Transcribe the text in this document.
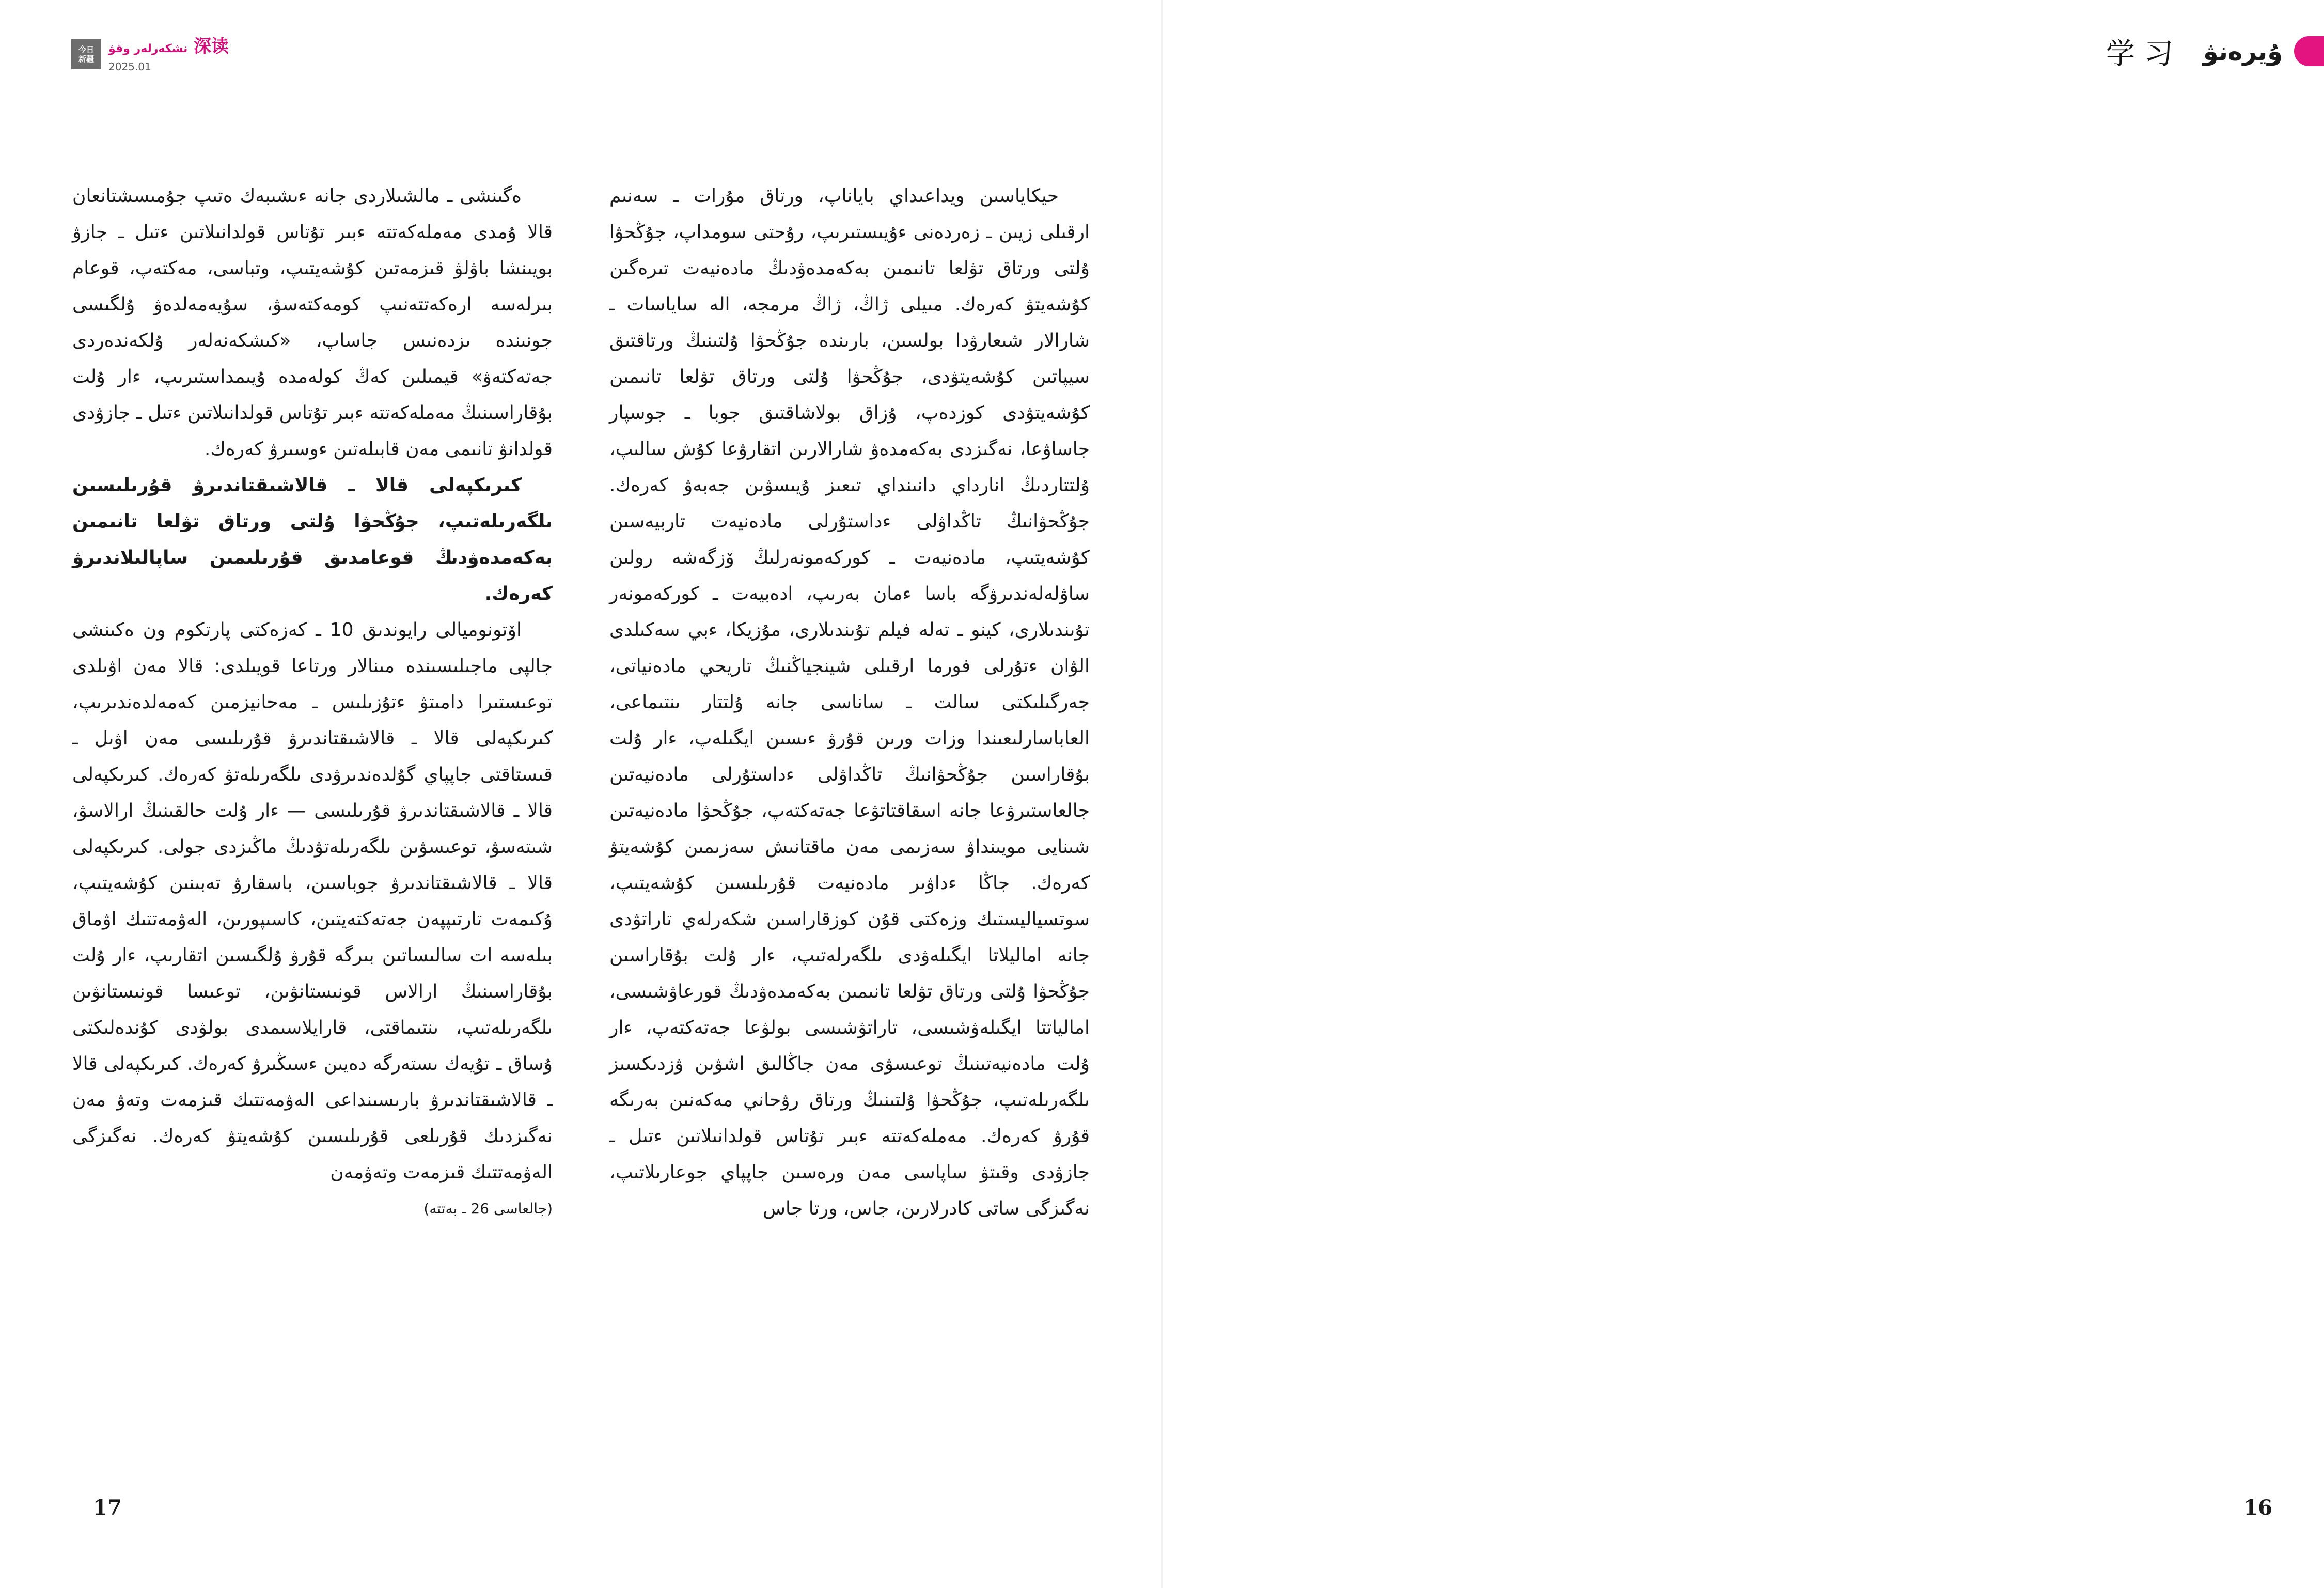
今日
新疆
深读 نشكەرلەر وقۋ
2025.01

حيكاياسىن ويداعىداي باياناپ، ورتاق مۇرات ـ سەنىم ارقىلى زيىن ـ زەردەنى ءۇيىستىرىپ، رۇحتى سومداپ، جۇڭحۋا ۇلتى ورتاق تۋلعا تانىمىن بەكەمدەۋدىڭ مادەنيەت تىرەگىن كۇشەيتۋ كەرەك. مىيلى ژاڭ، ژاڭ مرمجە، الە ساياسات ـ شارالار شىعارۋدا بولسىن، بارىندە جۇڭحۋا ۇلتىنىڭ ورتاقتىق سيپاتىن كۇشەيتۋدى، جۇڭحۋا ۇلتى ورتاق تۋلعا تانىمىن كۇشەيتۋدى كوزدەپ، ۇزاق بولاشاقتىق جوبا ـ جوسپار جاساۋعا، نەگىزدى بەكەمدەۋ شارالارىن اتقارۋعا كۇش سالىپ، ۇلتتاردىڭ انارداي دانىنداي تىعىز ۇيىسۋىن جەبەۋ كەرەك. جۇڭحۋانىڭ تاڭداۋلى ءداستۇرلى مادەنيەت تاربيەسىن كۇشەيتىپ، مادەنيەت ـ كوركەمونەرلىڭ ۆزگەشە رولىن ساۋلەلەندىرۋگە باسا ءمان بەرىپ، ادەبيەت ـ كوركەمونەر تۇىندىلارى، كينو ـ تەلە فيلم تۇىندىلارى، مۇزيكا، ءبي سەكىلدى الۋان ءتۇرلى فورما ارقىلى شينجياڭنىڭ تاريحي مادەنياتى، جەرگىلىكتى سالت ـ ساناسى جانە ۇلتتار ىنتىماعى، العاباسارلىعىندا وزات ورىن قۇرۋ ءىسىن ايگىلەپ، ءار ۇلت بۇقاراسىن جۇڭحۋانىڭ تاڭداۋلى ءداستۇرلى مادەنيەتىن جالعاستىرۋعا جانە اسقاقتاتۋعا جەتەكتەپ، جۇڭحۋا مادەنيەتىن شىنايى مويىنداۋ سەزىمى مەن ماقتانىش سەزىمىن كۇشەيتۋ كەرەك. جاڭا ءداۋىر مادەنيەت قۇرىلىسىن كۇشەيتىپ، سوتسياليستىك وزەكتى قۇن كوزقاراسىن شكەرلەي تاراتۋدى جانە اماليلاتا ايگىلەۋدى ىلگەرلەتىپ، ءار ۇلت بۇقاراسىن جۇڭحۋا ۇلتى ورتاق تۋلعا تانىمىن بەكەمدەۋدىڭ قورعاۋشىسى، امالياتتا ايگىلەۋشىسى، تاراتۋشىسى بولۋعا جەتەكتەپ، ءار ۇلت مادەنيەتىنىڭ توعىسۋى مەن جاڭالىق اشۋىن ۋزدىكسىز ىلگەرىلەتىپ، جۇڭحۋا ۇلتىنىڭ ورتاق رۋحاني مەكەنىن بەرىگە قۇرۋ كەرەك. مەملەكەتتە ءبىر تۇتاس قولدانىلاتىن ءتىل ـ جازۋدى وقىتۋ ساپاسى مەن ورەسىن جاپپاي جوعارىلاتىپ، نەگىزگى ساتى كادرلارىن، جاس، ورتا جاس

ەگىنشى ـ مالشىلاردى جانە ءىشىبەك ەتىپ جۇمىسشتانعان قالا ۇمدى مەملەكەتتە ءبىر تۇتاس قولدانىلاتىن ءتىل ـ جازۋ بويىنشا باۋلۋ قىزمەتىن كۇشەيتىپ، وتباسى، مەكتەپ، قوعام بىرلەسە ارەكەتتەنىپ كومەكتەسۋ، سۇيەمەلدەۋ ۇلگىسى جونىندە ىزدەنىس جاساپ، «كىشكەنەلەر ۇلكەندەردى جەتەكتەۋ» قيمىلىن كەڭ كولەمدە ۇيىمداستىرىپ، ءار ۇلت بۇقاراسىنىڭ مەملەكەتتە ءبىر تۇتاس قولدانىلاتىن ءتىل ـ جازۋدى قولدانۋ تانىمى مەن قابىلەتىن ءوسىرۋ كەرەك.

كىرىكپەلى قالا ـ قالاشىقتاندىرۋ قۇرىلىسىن ىلگەرىلەتىپ، جۇڭحۋا ۇلتى ورتاق تۋلعا تانىمىن بەكەمدەۋدىڭ قوعامدىق قۇرىلىمىن ساپالىلاندىرۋ كەرەك.

اۆتونوميالى رايوندىق 10 ـ كەزەكتى پارتكوم ون ەكىنشى جالپى ماجىلىسىنده مىنالار ورتاعا قويىلدى: قالا مەن اۋىلدى توعىستىرا دامىتۋ ءتۇزىلىس ـ مەحانيزمىن كەمەلدەندىرىپ، كىرىكپەلى قالا ـ قالاشىقتاندىرۋ قۇرىلىسى مەن اۋىل ـ قىستاقتى جاپپاي گۇلدەندىرۋدى ىلگەرىلەتۋ كەرەك. كىرىكپەلى قالا ـ قالاشىقتاندىرۋ قۇرىلىسى — ءار ۇلت حالقىنىڭ ارالاسۋ، شىتەسۋ، توعىسۋىن ىلگەرىلەتۋدىڭ ماڭىزدى جولى. كىرىكپەلى قالا ـ قالاشىقتاندىرۋ جوباسىن، باسقارۋ تەبىنىن كۇشەيتىپ، ۇكىمەت تارتىپپەن جەتەكتەيتىن، كاسىپورىن، الەۋمەتتىك اۋماق بىلەسە ات سالىساتىن بىرگە قۇرۋ ۇلگىسىن اتقارىپ، ءار ۇلت بۇقاراسىنىڭ ارالاس قونىستانۋىن، توعىسا قونىستانۋىن ىلگەرىلەتىپ، ىنتىماقتى، قارايلاسىمدى بولۋدى كۇندەلىكتى ۇساق ـ تۇيەك ىستەرگە دەيىن ءسىڭىرۋ كەرەك. كىرىكپەلى قالا ـ قالاشىقتاندىرۋ بارىسىنداعى الەۋمەتتىك قىزمەت وتەۋ مەن نەگىزدىك قۇرىلعى قۇرىلىسىن كۇشەيتۋ كەرەك. نەگىزگى الەۋمەتتىك قىزمەت وتەۋمەن

(جالعاسى 26 ـ بەتتە)

17
学习 ۇيرەنۋ

16
